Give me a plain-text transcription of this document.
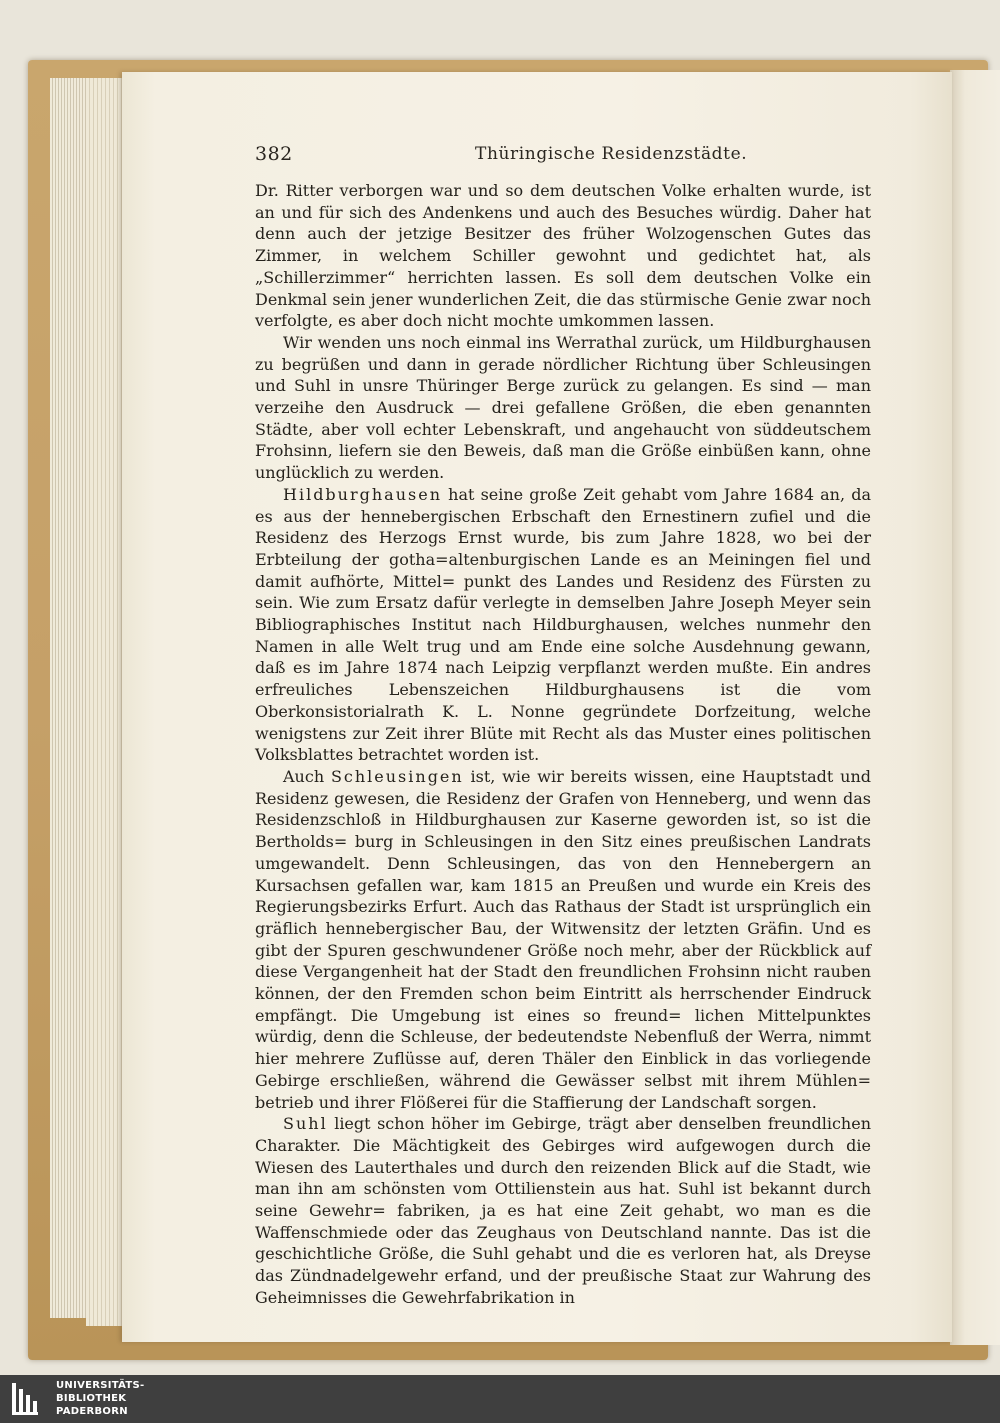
382	Thüringische Residenzstädte.

Dr. Ritter verborgen war und so dem deutschen Volke erhalten wurde, ist an und für sich des Andenkens und auch des Besuches würdig. Daher hat denn auch der jetzige Besitzer des früher Wolzogenschen Gutes das Zimmer, in welchem Schiller gewohnt und gedichtet hat, als „Schillerzimmer“ herrichten lassen. Es soll dem deutschen Volke ein Denkmal sein jener wunderlichen Zeit, die das stürmische Genie zwar noch verfolgte, es aber doch nicht mochte umkommen lassen.

Wir wenden uns noch einmal ins Werrathal zurück, um Hildburghausen zu begrüßen und dann in gerade nördlicher Richtung über Schleusingen und Suhl in unsre Thüringer Berge zurück zu gelangen. Es sind — man verzeihe den Ausdruck — drei gefallene Größen, die eben genannten Städte, aber voll echter Lebenskraft, und angehaucht von süddeutschem Frohsinn, liefern sie den Beweis, daß man die Größe einbüßen kann, ohne unglücklich zu werden.

Hildburghausen hat seine große Zeit gehabt vom Jahre 1684 an, da es aus der hennebergischen Erbschaft den Ernestinern zufiel und die Residenz des Herzogs Ernst wurde, bis zum Jahre 1828, wo bei der Erbteilung der gotha=altenburgischen Lande es an Meiningen fiel und damit aufhörte, Mittel= punkt des Landes und Residenz des Fürsten zu sein. Wie zum Ersatz dafür verlegte in demselben Jahre Joseph Meyer sein Bibliographisches Institut nach Hildburghausen, welches nunmehr den Namen in alle Welt trug und am Ende eine solche Ausdehnung gewann, daß es im Jahre 1874 nach Leipzig verpflanzt werden mußte. Ein andres erfreuliches Lebenszeichen Hildburghausens ist die vom Oberkonsistorialrath K. L. Nonne gegründete Dorfzeitung, welche wenigstens zur Zeit ihrer Blüte mit Recht als das Muster eines politischen Volksblattes betrachtet worden ist.

Auch Schleusingen ist, wie wir bereits wissen, eine Hauptstadt und Residenz gewesen, die Residenz der Grafen von Henneberg, und wenn das Residenzschloß in Hildburghausen zur Kaserne geworden ist, so ist die Bertholds= burg in Schleusingen in den Sitz eines preußischen Landrats umgewandelt. Denn Schleusingen, das von den Hennebergern an Kursachsen gefallen war, kam 1815 an Preußen und wurde ein Kreis des Regierungsbezirks Erfurt. Auch das Rathaus der Stadt ist ursprünglich ein gräflich hennebergischer Bau, der Witwensitz der letzten Gräfin. Und es gibt der Spuren geschwundener Größe noch mehr, aber der Rückblick auf diese Vergangenheit hat der Stadt den freundlichen Frohsinn nicht rauben können, der den Fremden schon beim Eintritt als herrschender Eindruck empfängt. Die Umgebung ist eines so freund= lichen Mittelpunktes würdig, denn die Schleuse, der bedeutendste Nebenfluß der Werra, nimmt hier mehrere Zuflüsse auf, deren Thäler den Einblick in das vorliegende Gebirge erschließen, während die Gewässer selbst mit ihrem Mühlen= betrieb und ihrer Flößerei für die Staffierung der Landschaft sorgen.

Suhl liegt schon höher im Gebirge, trägt aber denselben freundlichen Charakter. Die Mächtigkeit des Gebirges wird aufgewogen durch die Wiesen des Lauterthales und durch den reizenden Blick auf die Stadt, wie man ihn am schönsten vom Ottilienstein aus hat. Suhl ist bekannt durch seine Gewehr= fabriken, ja es hat eine Zeit gehabt, wo man es die Waffenschmiede oder das Zeughaus von Deutschland nannte. Das ist die geschichtliche Größe, die Suhl gehabt und die es verloren hat, als Dreyse das Zündnadelgewehr erfand, und der preußische Staat zur Wahrung des Geheimnisses die Gewehrfabrikation in

UNIVERSITÄTS-
BIBLIOTHEK
PADERBORN
